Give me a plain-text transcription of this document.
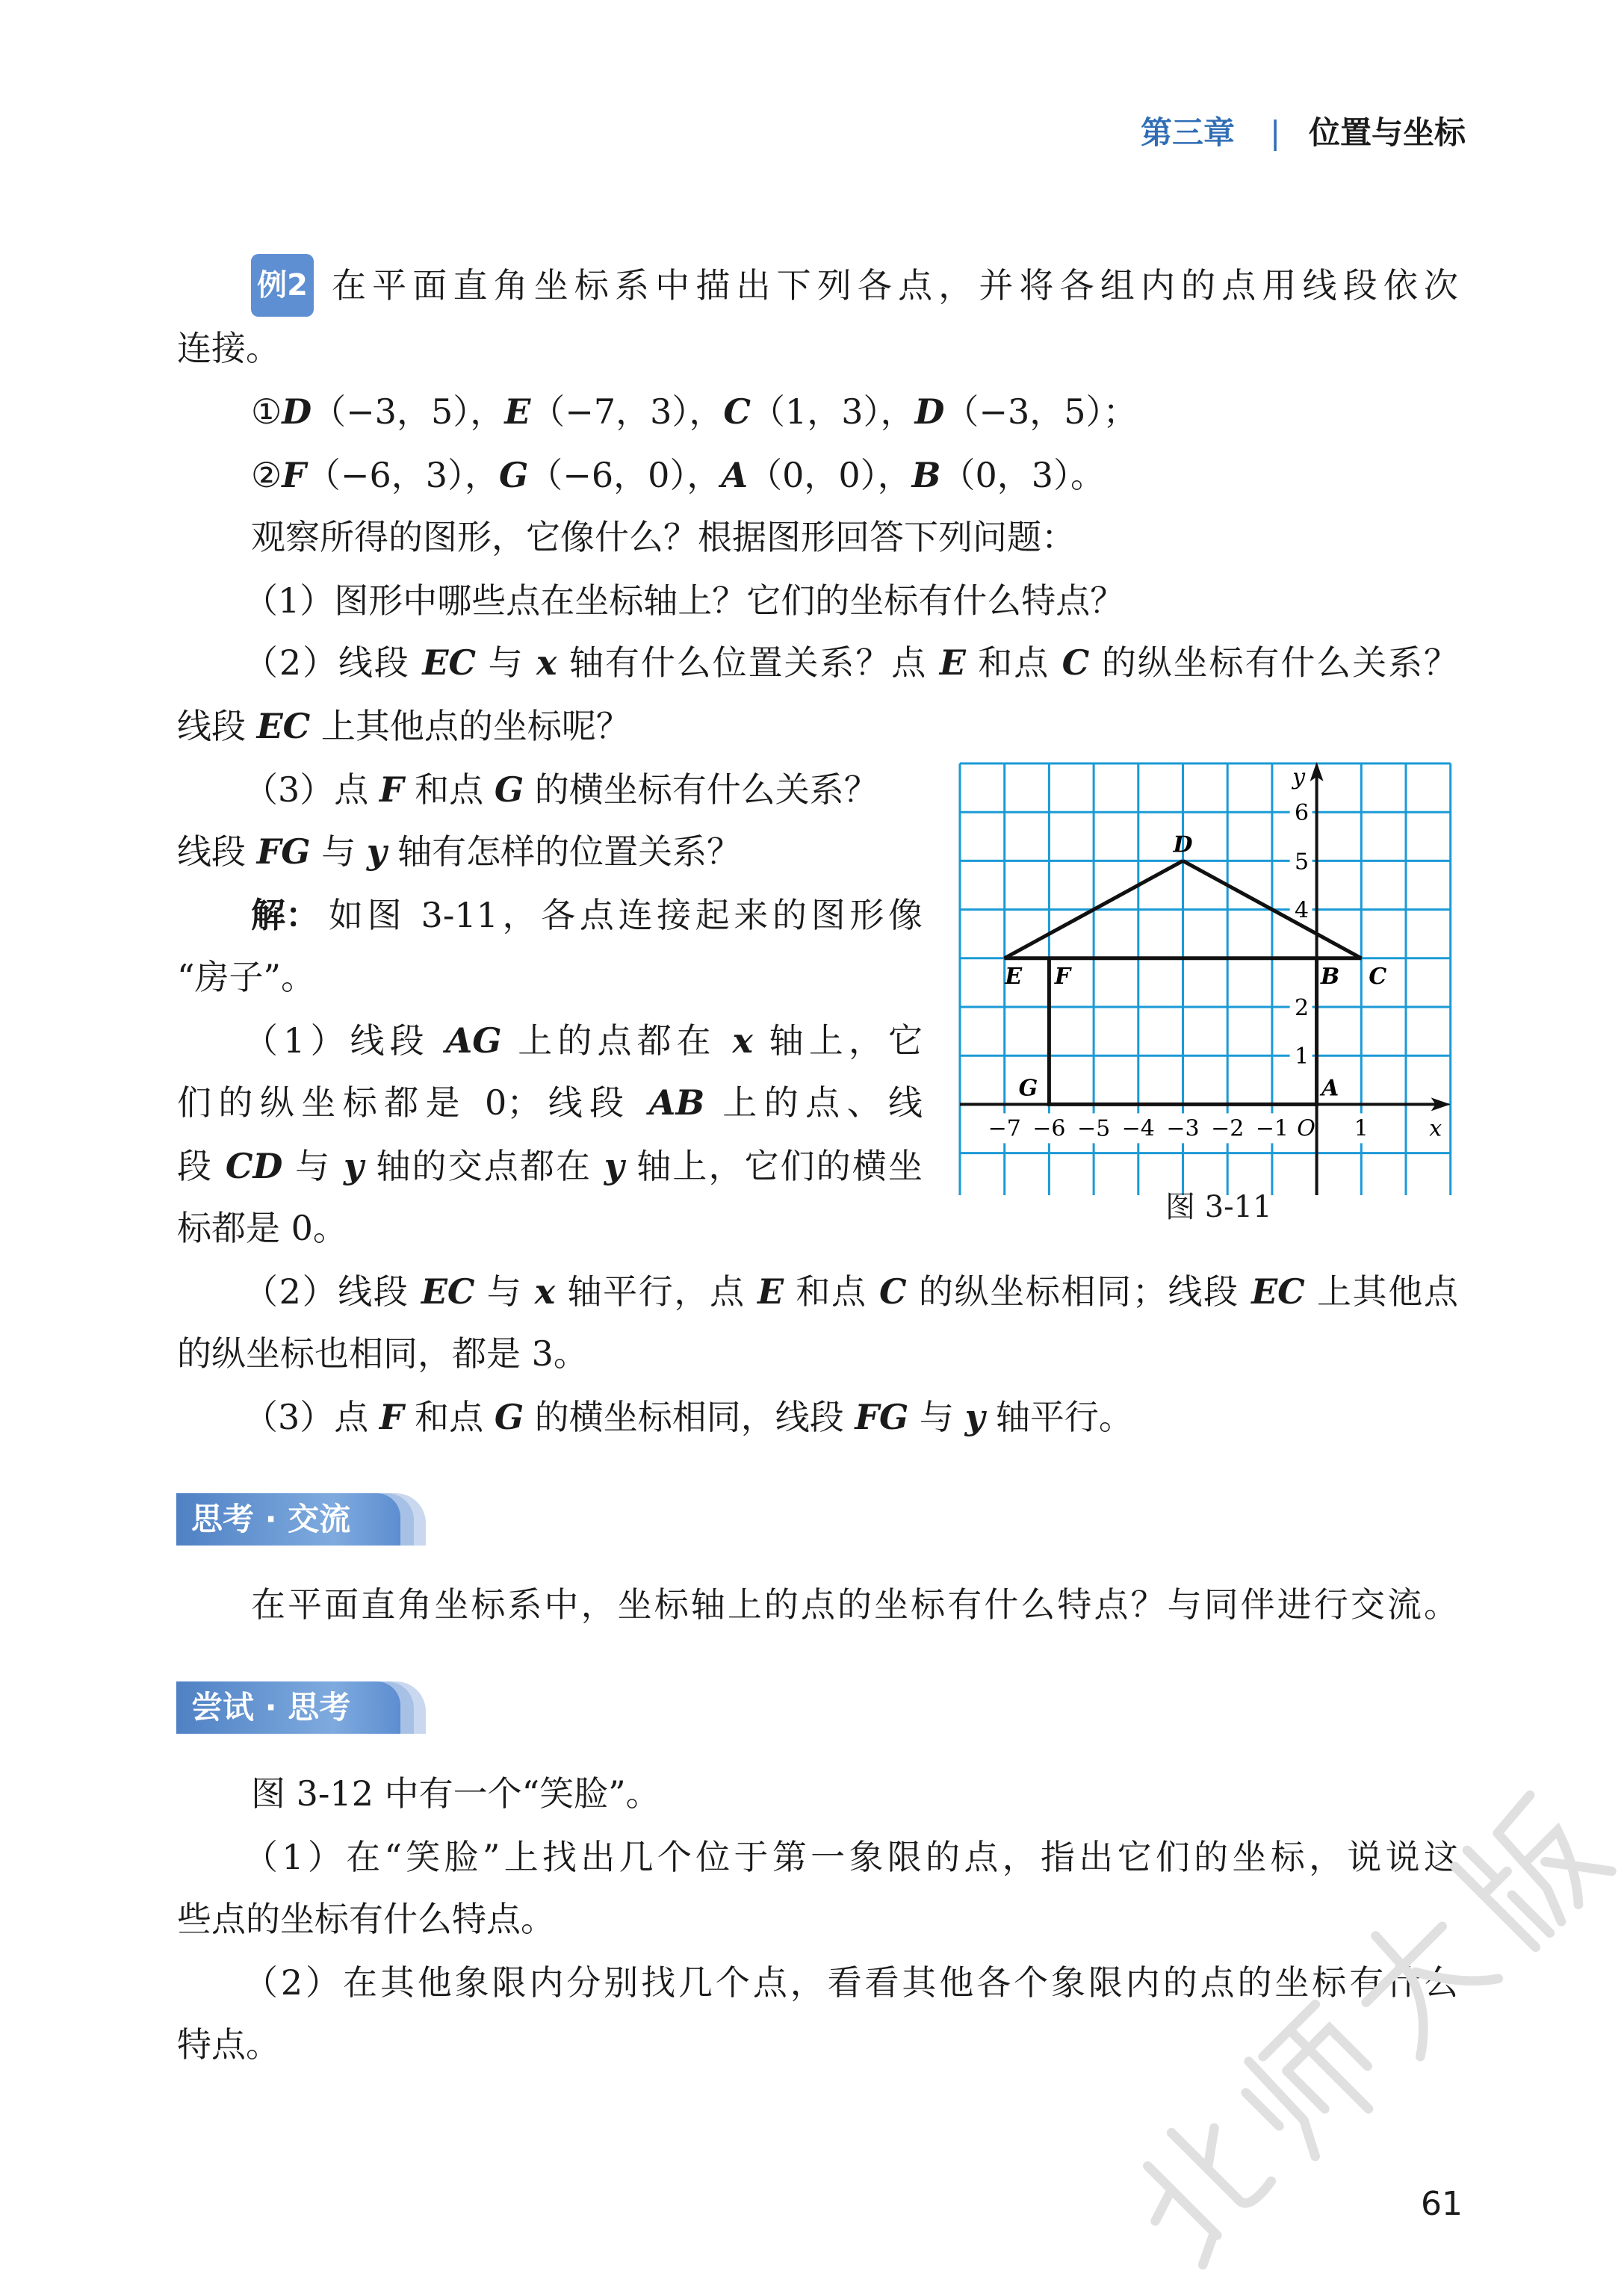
第三章 | 位置与坐标
例2 在平面直角坐标系中描出下列各点，并将各组内的点用线段依次
连接。
①D（−3，5），E（−7，3），C（1，3），D（−3，5）；
②F（−6，3），G（−6，0），A（0，0），B（0，3）。
观察所得的图形，它像什么？根据图形回答下列问题：
（1）图形中哪些点在坐标轴上？它们的坐标有什么特点？
（2）线段 EC 与 x 轴有什么位置关系？点 E 和点 C 的纵坐标有什么关系？
线段 EC 上其他点的坐标呢？
（3）点 F 和点 G 的横坐标有什么关系？
线段 FG 与 y 轴有怎样的位置关系？
解： 如图 3-11，各点连接起来的图形像
“房子”。
（1）线段 AG 上的点都在 x 轴上，它
们的纵坐标都是 0；线段 AB 上的点、线
段 CD 与 y 轴的交点都在 y 轴上，它们的横坐
标都是 0。
（2）线段 EC 与 x 轴平行，点 E 和点 C 的纵坐标相同；线段 EC 上其他点
的纵坐标也相同，都是 3。
（3）点 F 和点 G 的横坐标相同，线段 FG 与 y 轴平行。
−7 −6 −5 −4 −3 −2 −1	1
1
2
4
5
6
O	x
y
D
E	C
F
G	A
B
图 3-11
思考 · 交流
在平面直角坐标系中，坐标轴上的点的坐标有什么特点？与同伴进行交流。
尝试 · 思考
图 3-12 中有一个“笑脸”。
（1）在“笑脸”上找出几个位于第一象限的点，指出它们的坐标，说说这
些点的坐标有什么特点。
（2）在其他象限内分别找几个点，看看其他各个象限内的点的坐标有什么
特点。
61
